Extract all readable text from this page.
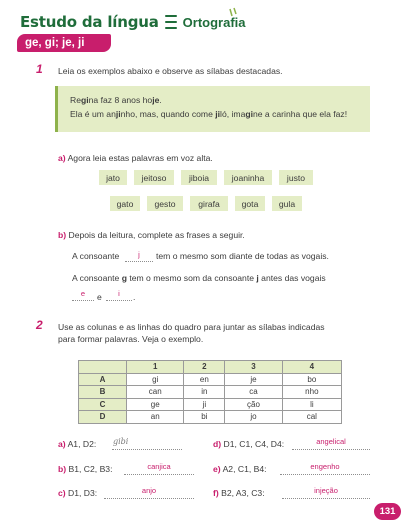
Estudo da língua Ortografia
ge, gi; je, ji
1 Leia os exemplos abaixo e observe as sílabas destacadas.
Regina faz 8 anos hoje.
Ela é um anjinho, mas, quando come jiló, imagine a carinha que ela faz!
a) Agora leia estas palavras em voz alta.
jato	jeitoso	jiboia	joaninha	justo
gato	gesto	girafa	gota	gula
b) Depois da leitura, complete as frases a seguir.
A consoante	j	tem o mesmo som diante de todas as vogais.
A consoante g tem o mesmo som da consoante j antes das vogais
e	e	i	.
2 Use as colunas e as linhas do quadro para juntar as sílabas indicadas
para formar palavras. Veja o exemplo.
	1	2	3	4
A	gi	en	je	bo
B	can	in	ca	nho
C	ge	ji	ção	li
D	an	bi	jo	cal
a) A1, D2: gibi
b) B1, C2, B3:	canjica
c) D1, D3:	anjo
d) D1, C1, C4, D4:	angelical
e) A2, C1, B4:	engenho
f) B2, A3, C3:	injeção
131
